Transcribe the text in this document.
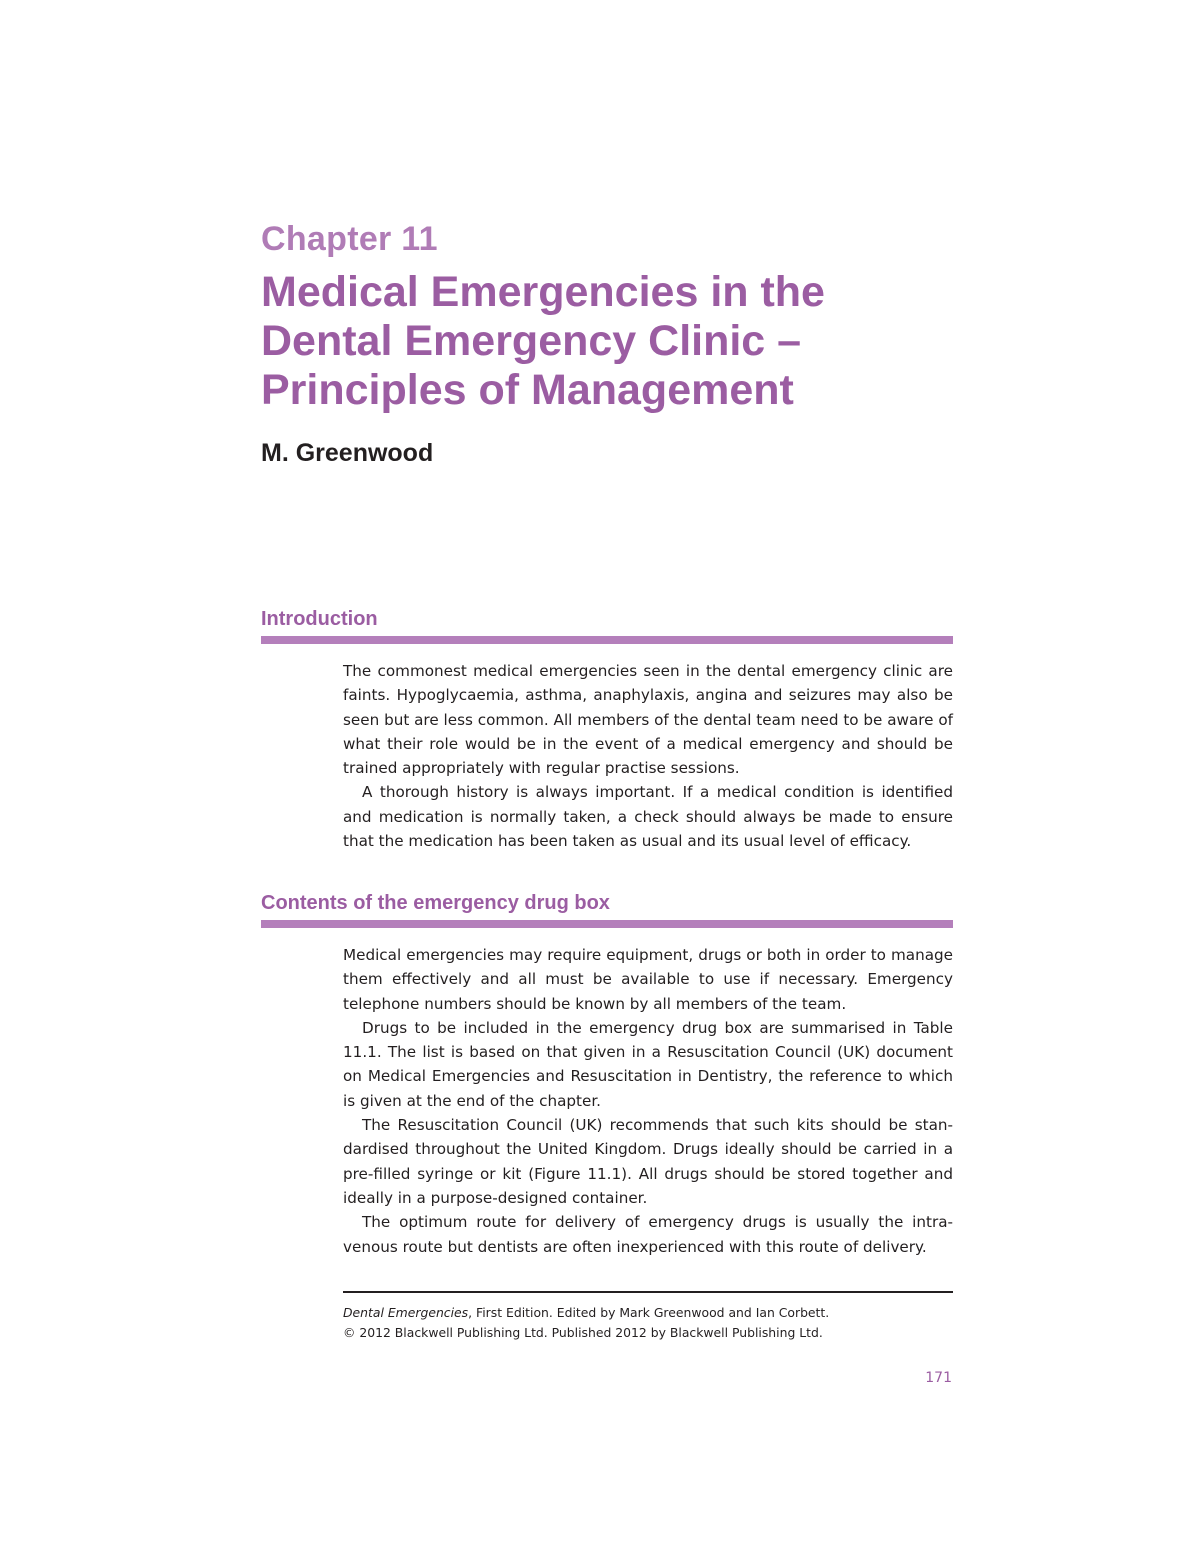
Chapter 11
Medical Emergencies in the
Dental Emergency Clinic –
Principles of Management
M. Greenwood
Introduction

The commonest medical emergencies seen in the dental emergency clinic are faints. Hypoglycaemia, asthma, anaphylaxis, angina and seizures may also be seen but are less common. All members of the dental team need to be aware of what their role would be in the event of a medical emergency and should be trained appropriately with regular practise sessions.

A thorough history is always important. If a medical condition is identified and medication is normally taken, a check should always be made to ensure that the medication has been taken as usual and its usual level of efficacy.

Contents of the emergency drug box

Medical emergencies may require equipment, drugs or both in order to manage them effectively and all must be available to use if necessary. Emergency telephone numbers should be known by all members of the team.

Drugs to be included in the emergency drug box are summarised in Table 11.1. The list is based on that given in a Resuscitation Council (UK) document on Medical Emergencies and Resuscitation in Dentistry, the reference to which is given at the end of the chapter.

The Resuscitation Council (UK) recommends that such kits should be standardised throughout the United Kingdom. Drugs ideally should be carried in a pre-filled syringe or kit (Figure 11.1). All drugs should be stored together and ideally in a purpose-designed container.

The optimum route for delivery of emergency drugs is usually the intravenous route but dentists are often inexperienced with this route of delivery.

Dental Emergencies, First Edition. Edited by Mark Greenwood and Ian Corbett.
© 2012 Blackwell Publishing Ltd. Published 2012 by Blackwell Publishing Ltd.
171
